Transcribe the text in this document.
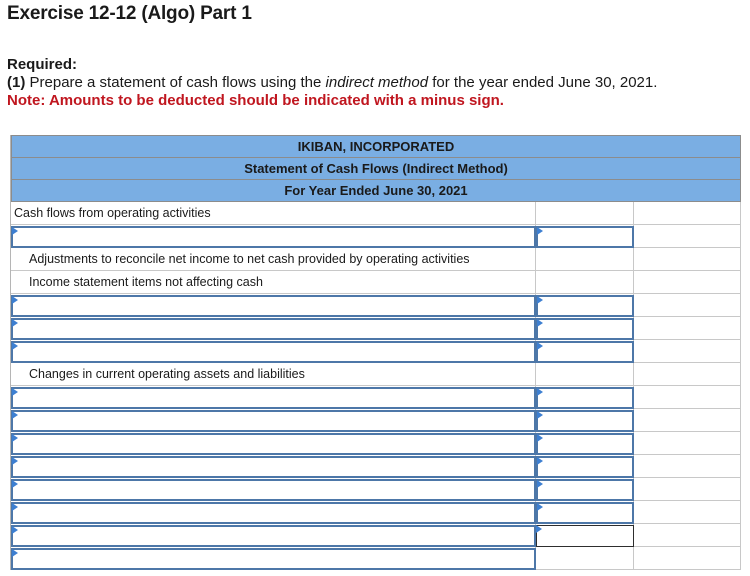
Exercise 12-12 (Algo) Part 1
Required:
(1) Prepare a statement of cash flows using the indirect method for the year ended June 30, 2021.
Note: Amounts to be deducted should be indicated with a minus sign.
IKIBAN, INCORPORATED
Statement of Cash Flows (Indirect Method)
For Year Ended June 30, 2021
Cash flows from operating activities
Adjustments to reconcile net income to net cash provided by operating activities
Income statement items not affecting cash
Changes in current operating assets and liabilities
